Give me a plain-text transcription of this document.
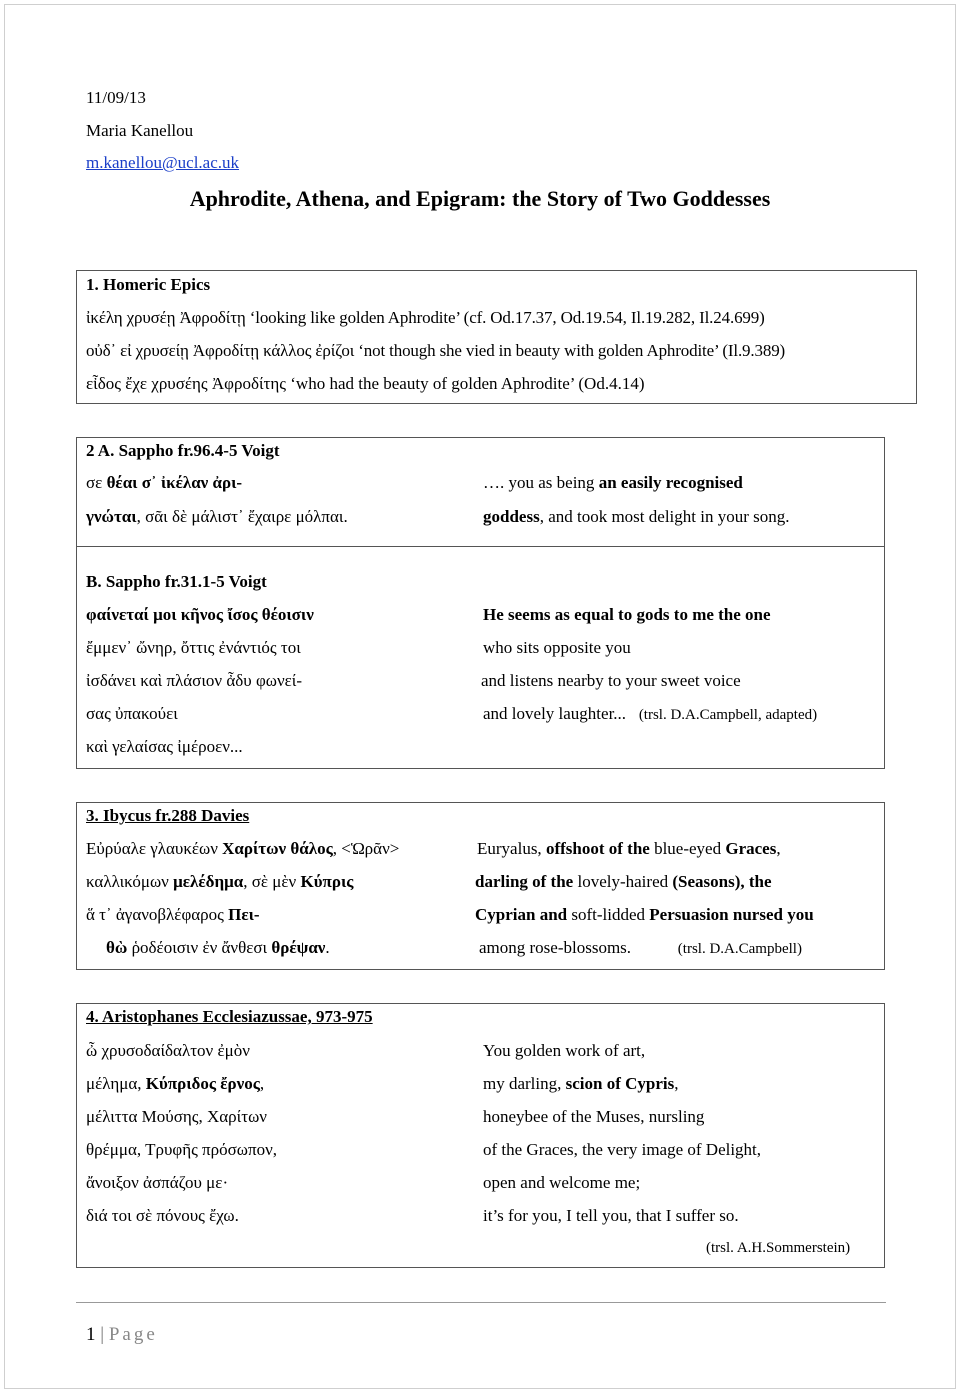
11/09/13
Maria Kanellou
m.kanellou@ucl.ac.uk
Aphrodite, Athena, and Epigram: the Story of Two Goddesses
1. Homeric Epics
ἰκέλη χρυσέῃ Ἀφροδίτῃ ‘looking like golden Aphrodite’ (cf. Od.17.37, Od.19.54, Il.19.282, Il.24.699)
οὐδ᾽ εἰ χρυσείῃ Ἀφροδίτῃ κάλλος ἐρίζοι ‘not though she vied in beauty with golden Aphrodite’ (Il.9.389)
εἶδος ἔχε χρυσέης Ἀφροδίτης ‘who had the beauty of golden Aphrodite’ (Od.4.14)
2 A. Sappho fr.96.4-5 Voigt
σε θέαι σ᾽ ἰκέλαν ἀρι-
γνώται, σᾶι δὲ μάλιστ᾽ ἔχαιρε μόλπαι.
…. you as being an easily recognised
goddess, and took most delight in your song.
B. Sappho fr.31.1-5 Voigt
φαίνεταί μοι κῆνος ἴσος θέοισιν
ἔμμεν᾽ ὤνηρ, ὄττις ἐνάντιός τοι
ἰσδάνει καὶ πλάσιον ἆδυ φωνεί-
σας ὐπακούει
καὶ γελαίσας ἰμέροεν...
He seems as equal to gods to me the one
who sits opposite you
and listens nearby to your sweet voice
and lovely laughter... (trsl. D.A.Campbell, adapted)
3. Ibycus fr.288 Davies
Εὐρύαλε γλαυκέων Χαρίτων θάλος, <Ὡρᾶν>
καλλικόμων μελέδημα, σὲ μὲν Κύπρις
ἅ τ᾽ ἀγανοβλέφαρος Πει-
θὼ ῥοδέοισιν ἐν ἄνθεσι θρέψαν.
Euryalus, offshoot of the blue-eyed Graces,
darling of the lovely-haired (Seasons), the
Cyprian and soft-lidded Persuasion nursed you
among rose-blossoms.	(trsl. D.A.Campbell)
4. Aristophanes Ecclesiazussae, 973-975
ὦ χρυσοδαίδαλτον ἐμὸν
μέλημα, Κύπριδος ἔρνος,
μέλιττα Μούσης, Χαρίτων
θρέμμα, Τρυφῆς πρόσωπον,
ἄνοιξον ἀσπάζου με·
διά τοι σὲ πόνους ἔχω.
You golden work of art,
my darling, scion of Cypris,
honeybee of the Muses, nursling
of the Graces, the very image of Delight,
open and welcome me;
it’s for you, I tell you, that I suffer so.
(trsl. A.H.Sommerstein)
1 | Page
